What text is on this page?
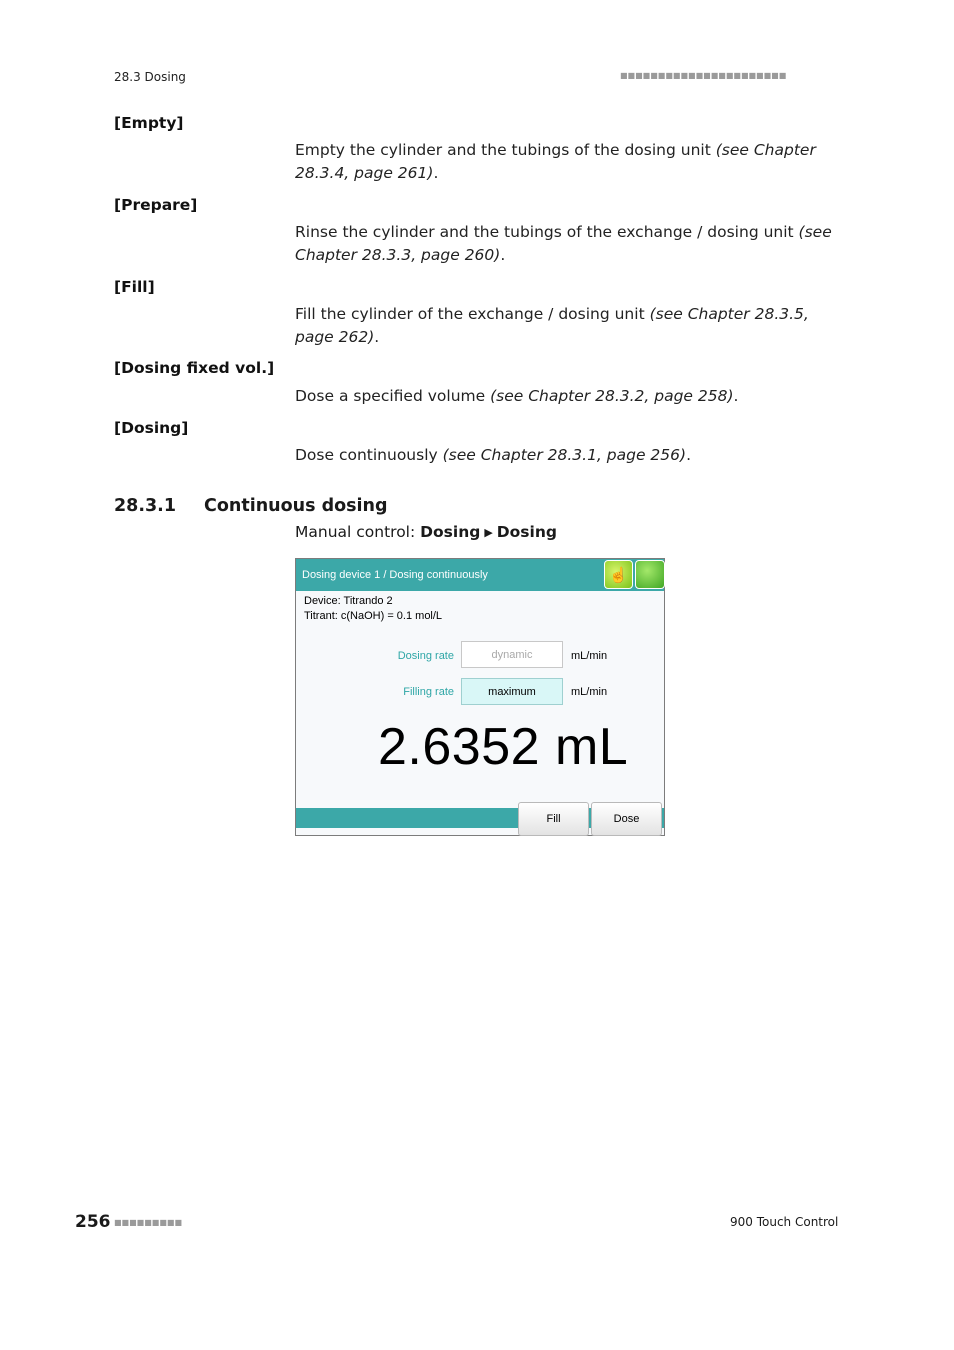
28.3 Dosing	■■■■■■■■■■■■■■■■■■■■■■
[Empty]
Empty the cylinder and the tubings of the dosing unit (see Chapter 28.3.4, page 261).
[Prepare]
Rinse the cylinder and the tubings of the exchange / dosing unit (see Chapter 28.3.3, page 260).
[Fill]
Fill the cylinder of the exchange / dosing unit (see Chapter 28.3.5, page 262).
[Dosing fixed vol.]
Dose a specified volume (see Chapter 28.3.2, page 258).
[Dosing]
Dose continuously (see Chapter 28.3.1, page 256).
28.3.1 Continuous dosing
Manual control: Dosing ▶ Dosing
Dosing device 1 / Dosing continuously	☝
Device: Titrando 2
Titrant: c(NaOH) = 0.1 mol/L
Dosing rate	dynamic	mL/min
Filling rate	maximum	mL/min
2.6352 mL
Fill	Dose
256 ■■■■■■■■■	900 Touch Control
